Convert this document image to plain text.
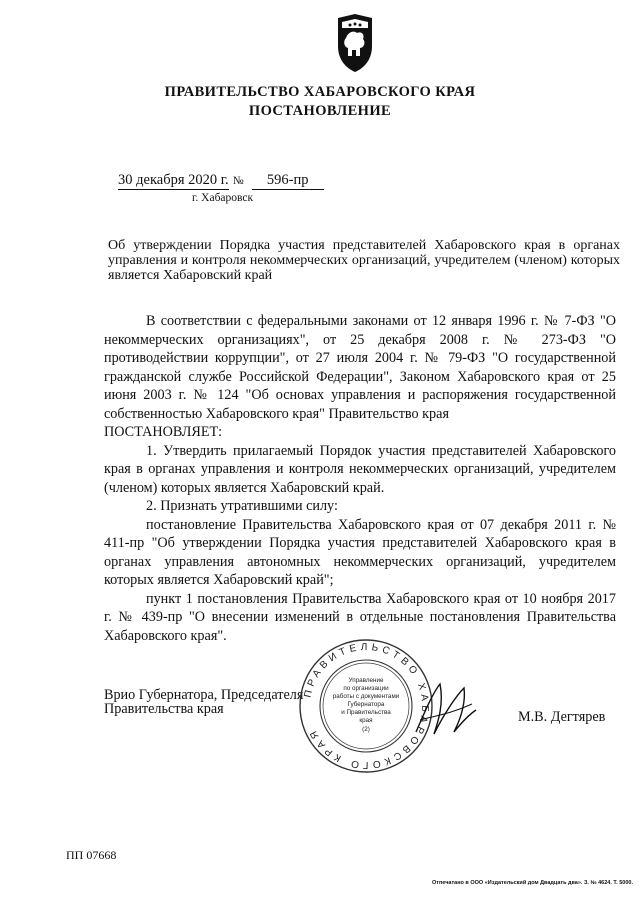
ПРАВИТЕЛЬСТВО ХАБАРОВСКОГО КРАЯ
ПОСТАНОВЛЕНИЕ
30 декабря 2020 г. № 596-пр
г. Хабаровск
Об утверждении Порядка участия представителей Хабаровского края в органах управления и контроля некоммерческих организаций, учредителем (членом) которых является Хабаровский край

В соответствии с федеральными законами от 12 января 1996 г. № 7-ФЗ "О некоммерческих организациях", от 25 декабря 2008 г. № 273-ФЗ "О противодействии коррупции", от 27 июля 2004 г. № 79-ФЗ "О государственной гражданской службе Российской Федерации", Законом Хабаровского края от 25 июня 2003 г. № 124 "Об основах управления и распоряжения государственной собственностью Хабаровского края" Правительство края

ПОСТАНОВЛЯЕТ:

1. Утвердить прилагаемый Порядок участия представителей Хабаровского края в органах управления и контроля некоммерческих организаций, учредителем (членом) которых является Хабаровский край.

2. Признать утратившими силу:

постановление Правительства Хабаровского края от 07 декабря 2011 г. № 411-пр "Об утверждении Порядка участия представителей Хабаровского края в органах управления автономных некоммерческих организаций, учредителем которых является Хабаровский край";

пункт 1 постановления Правительства Хабаровского края от 10 ноября 2017 г. № 439-пр "О внесении изменений в отдельные постановления Правительства Хабаровского края".

Врио Губернатора, Председателя
Правительства края
ПРАВИТЕЛЬСТВО ХАБАРОВСКОГО КРАЯ
Управление
по организации
работы с документами
Губернатора
и Правительства
края
(2)
М.В. Дегтярев
ПП 07668
Отпечатано в ООО «Издательский дом Двадцать два». З. № 4624. Т. 5000.
